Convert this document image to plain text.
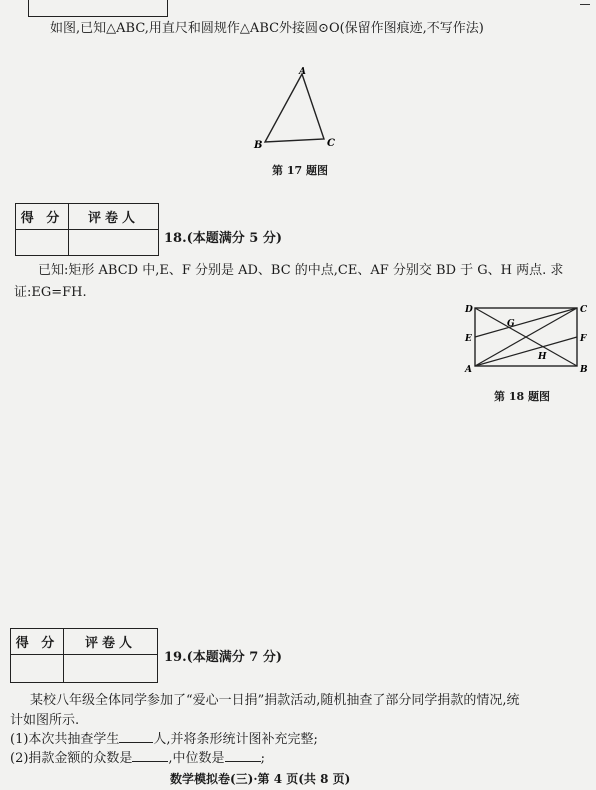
如图,已知△ABC,用直尺和圆规作△ABC外接圆⊙O(保留作图痕迹,不写作法)
A
B	C
第 17 题图
得 分	评卷人

18.(本题满分 5 分)
已知:矩形 ABCD 中,E、F 分别是 AD、BC 的中点,CE、AF 分别交 BD 于 G、H 两点. 求
证:EG=FH.
D	C
E	F
A	B
G
H
第 18 题图
得 分	评卷人

19.(本题满分 7 分)
某校八年级全体同学参加了“爱心一日捐”捐款活动,随机抽查了部分同学捐款的情况,统
计如图所示.
(1)本次共抽查学生	人,并将条形统计图补充完整;
(2)捐款金额的众数是	,中位数是	;
数学模拟卷(三)·第 4 页(共 8 页)
